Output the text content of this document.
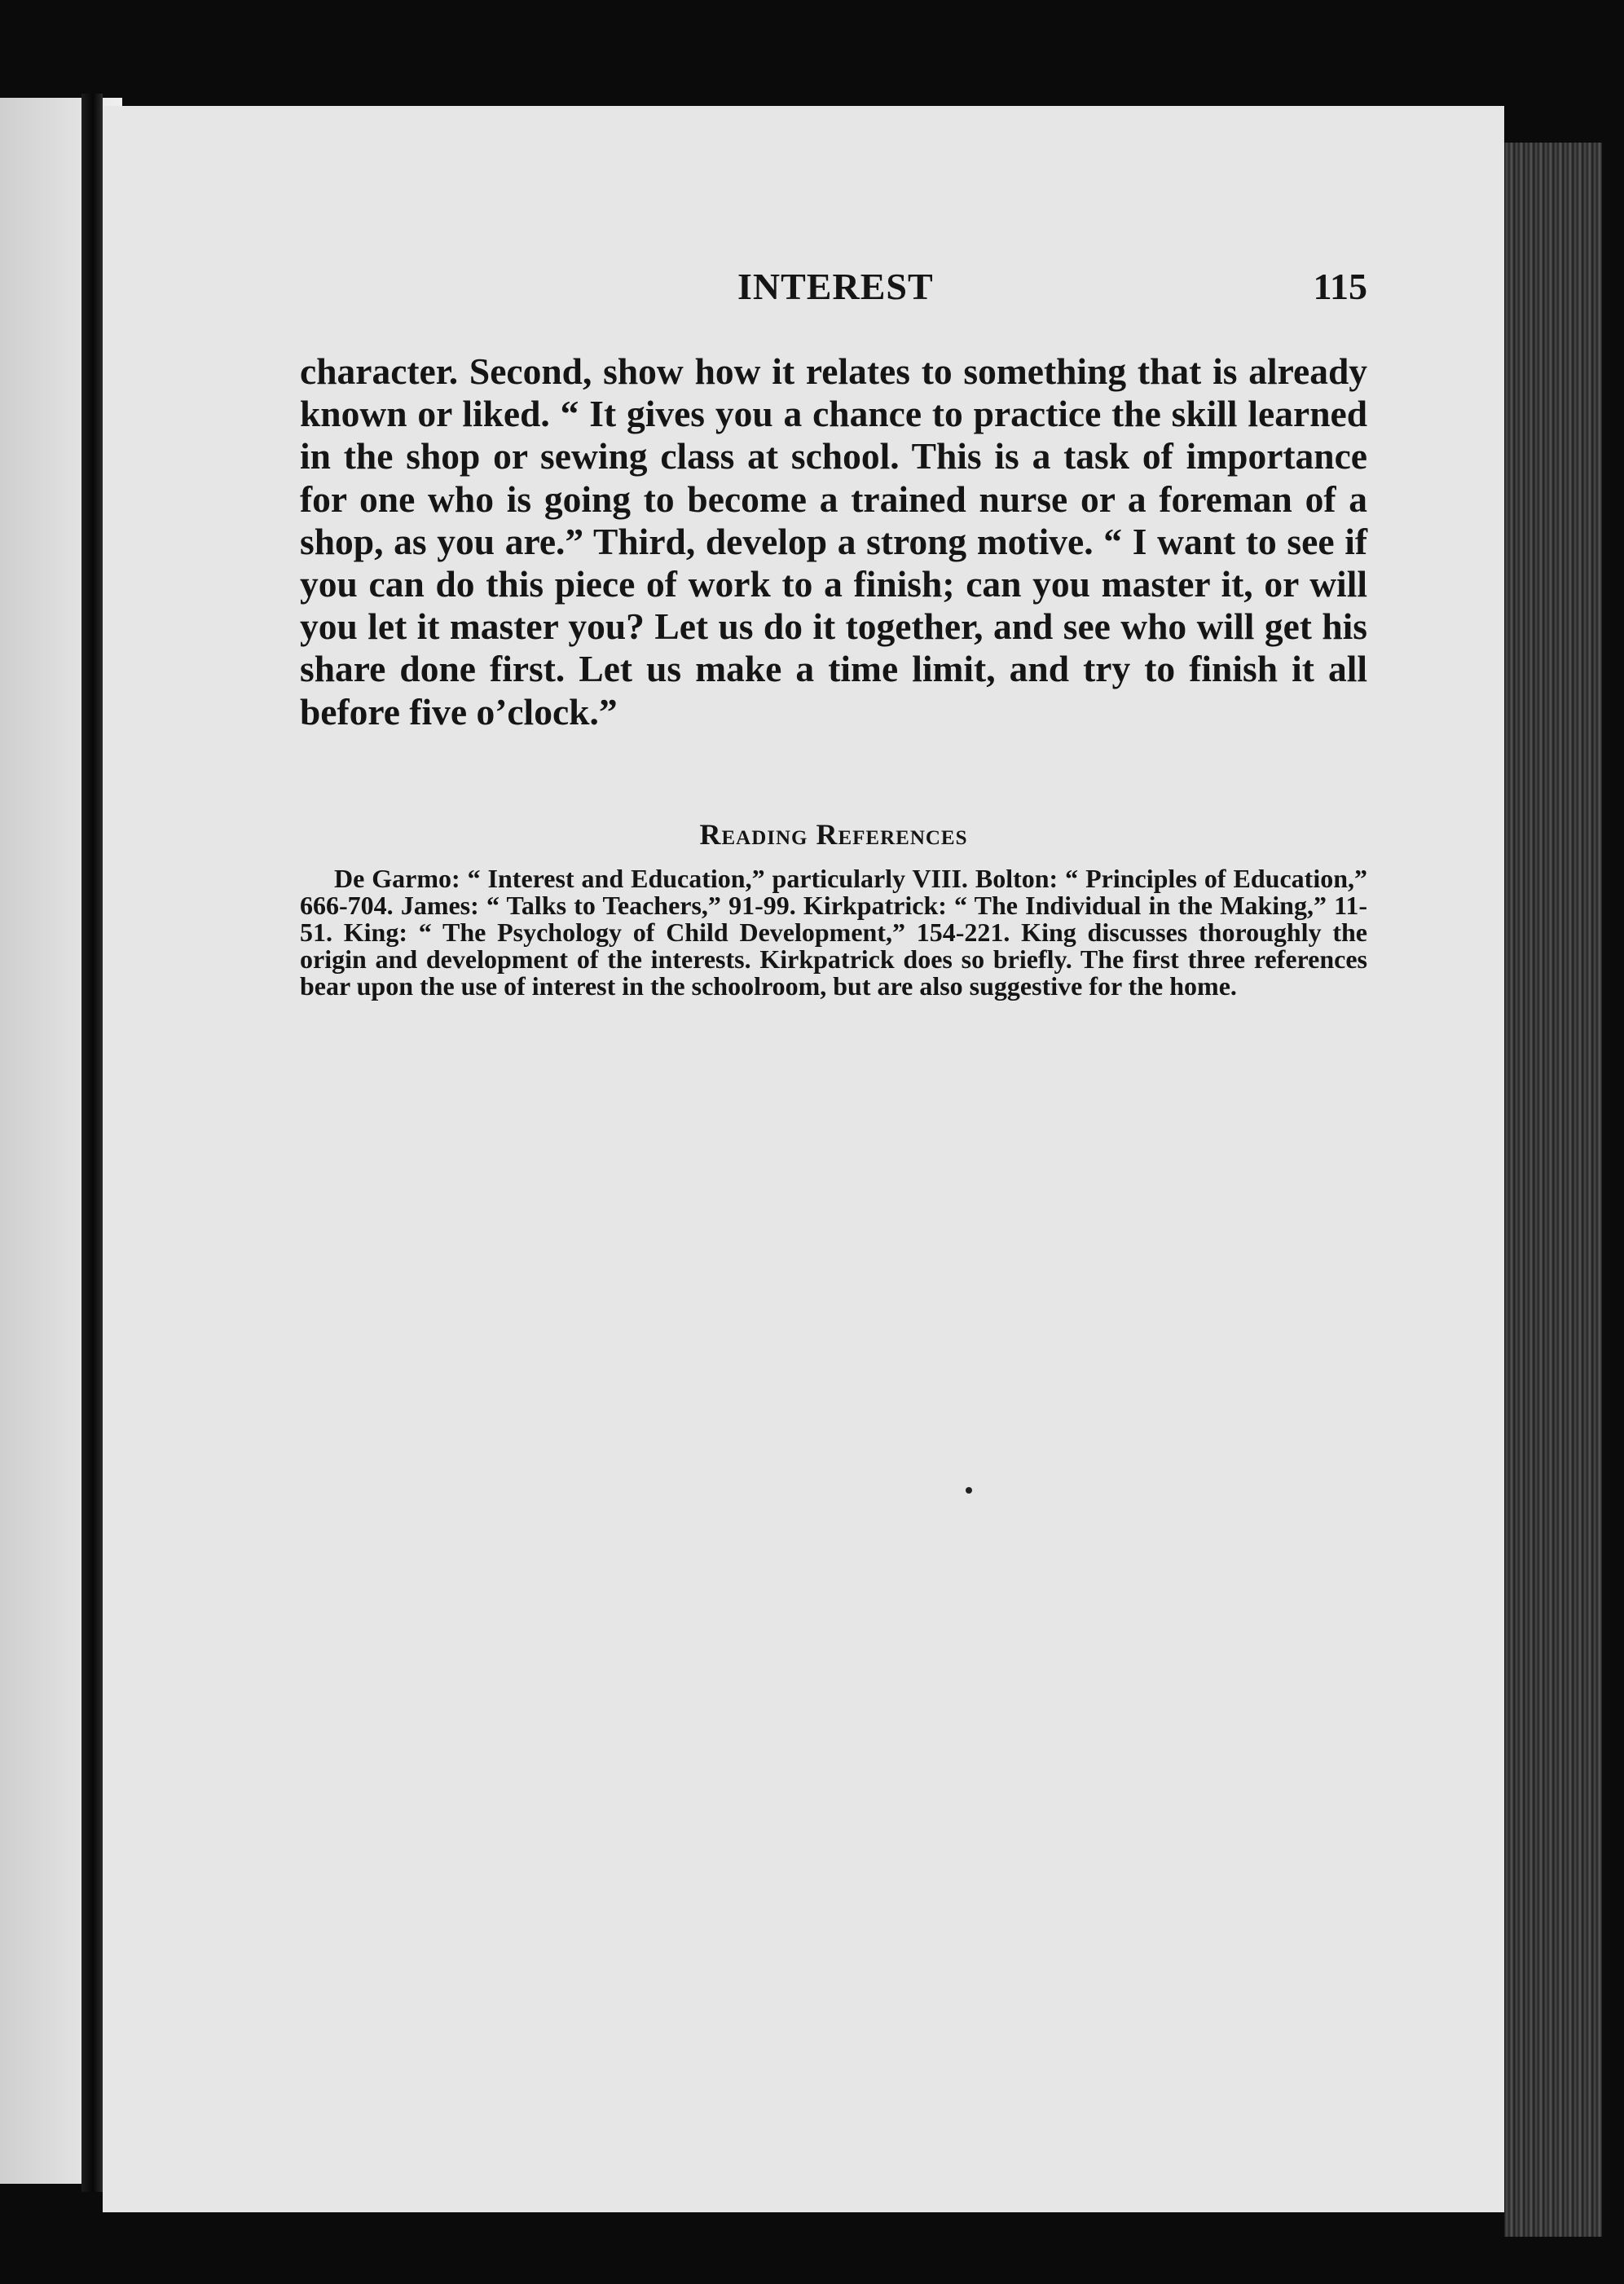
INTEREST	115

character. Second, show how it relates to something that is already known or liked. “ It gives you a chance to practice the skill learned in the shop or sewing class at school. This is a task of importance for one who is going to become a trained nurse or a foreman of a shop, as you are.” Third, develop a strong motive. “ I want to see if you can do this piece of work to a finish; can you master it, or will you let it master you? Let us do it together, and see who will get his share done first. Let us make a time limit, and try to finish it all before five o’clock.”

Reading References

De Garmo: “ Interest and Education,” particularly VIII. Bolton: “ Principles of Education,” 666-704. James: “ Talks to Teachers,” 91-99. Kirkpatrick: “ The Individual in the Making,” 11-51. King: “ The Psychology of Child Development,” 154-221. King discusses thoroughly the origin and development of the interests. Kirkpatrick does so briefly. The first three references bear upon the use of interest in the schoolroom, but are also suggestive for the home.
